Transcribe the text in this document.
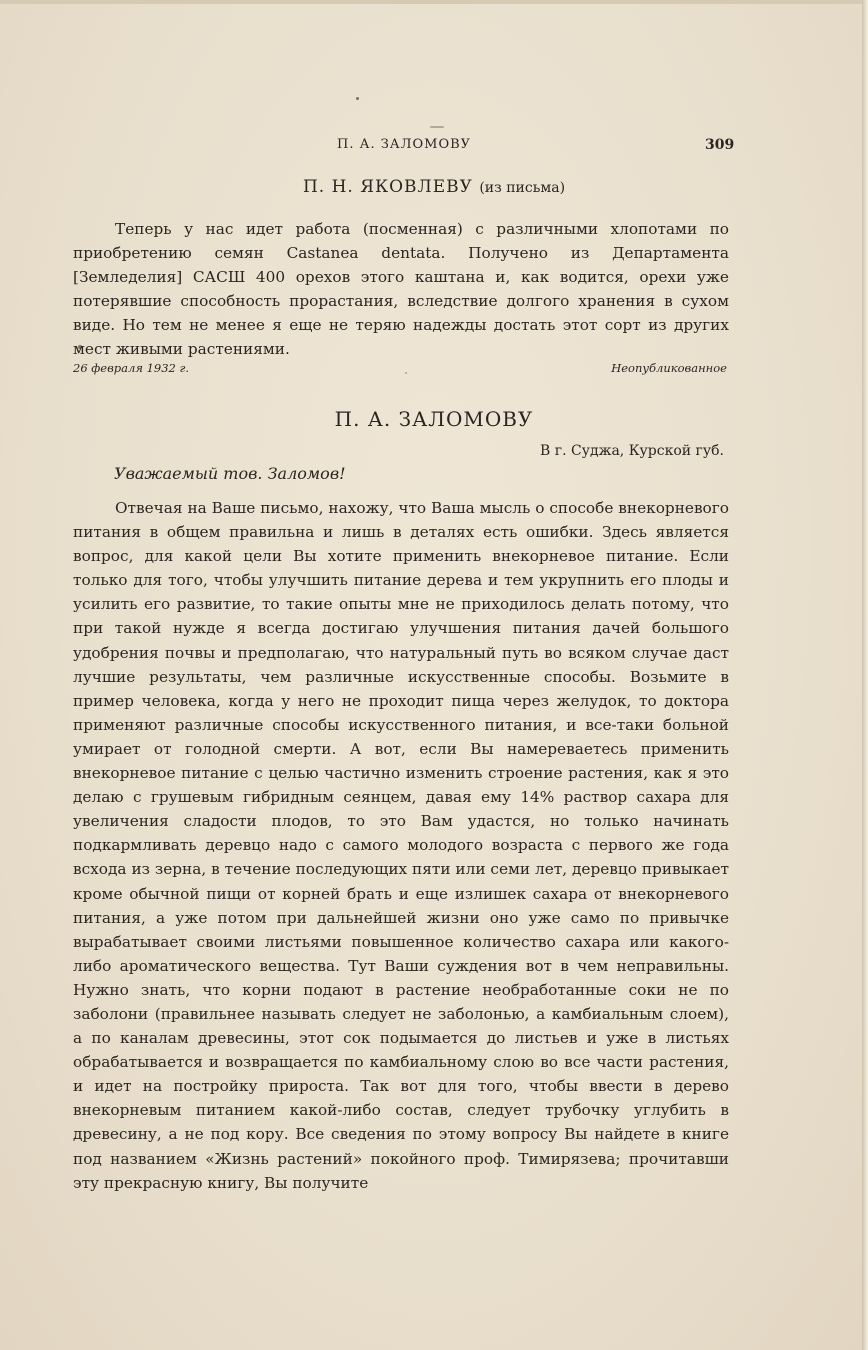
П. А. ЗАЛОМОВУ	309
П. Н. ЯКОВЛЕВУ (из письма)
Теперь у нас идет работа (посменная) с различными хлопотами по приобретению семян Castanea dentata. Получено из Департамента [Земледелия] САСШ 400 орехов этого каштана и, как водится, орехи уже потерявшие способность прорастания, вследствие долгого хранения в сухом виде. Но тем не менее я еще не теряю надежды достать этот сорт из других мест живыми растениями.
26 февраля 1932 г.	Неопубликованное
П. А. ЗАЛОМОВУ
В г. Суджа, Курской губ.
Уважаемый тов. Заломов!
Отвечая на Ваше письмо, нахожу, что Ваша мысль о способе внекорневого питания в общем правильна и лишь в деталях есть ошибки. Здесь является вопрос, для какой цели Вы хотите применить внекорневое питание. Если только для того, чтобы улучшить питание дерева и тем укрупнить его плоды и усилить его развитие, то такие опыты мне не приходилось делать потому, что при такой нужде я всегда достигаю улучшения питания дачей большого удобрения почвы и предполагаю, что натуральный путь во всяком случае даст лучшие результаты, чем различные искусственные способы. Возьмите в пример человека, когда у него не проходит пища через желудок, то доктора применяют различные способы искусственного питания, и все-таки больной умирает от голодной смерти. А вот, если Вы намереваетесь применить внекорневое питание с целью частично изменить строение растения, как я это делаю с грушевым гибридным сеянцем, давая ему 14% раствор сахара для увеличения сладости плодов, то это Вам удастся, но только начинать подкармливать деревцо надо с самого молодого возраста с первого же года всхода из зерна, в течение последующих пяти или семи лет, деревцо привыкает кроме обычной пищи от корней брать и еще излишек сахара от внекорневого питания, а уже потом при дальнейшей жизни оно уже само по привычке вырабатывает своими листьями повышенное количество сахара или какого-либо ароматического вещества. Тут Ваши суждения вот в чем неправильны. Нужно знать, что корни подают в растение необработанные соки не по заболони (правильнее называть следует не заболонью, а камбиальным слоем), а по каналам древесины, этот сок подымается до листьев и уже в листьях обрабатывается и возвращается по камбиальному слою во все части растения, и идет на постройку прироста. Так вот для того, чтобы ввести в дерево внекорневым питанием какой-либо состав, следует трубочку углубить в древесину, а не под кору. Все сведения по этому вопросу Вы найдете в книге под названием «Жизнь растений» покойного проф. Тимирязева; прочитавши эту прекрасную книгу, Вы получите
